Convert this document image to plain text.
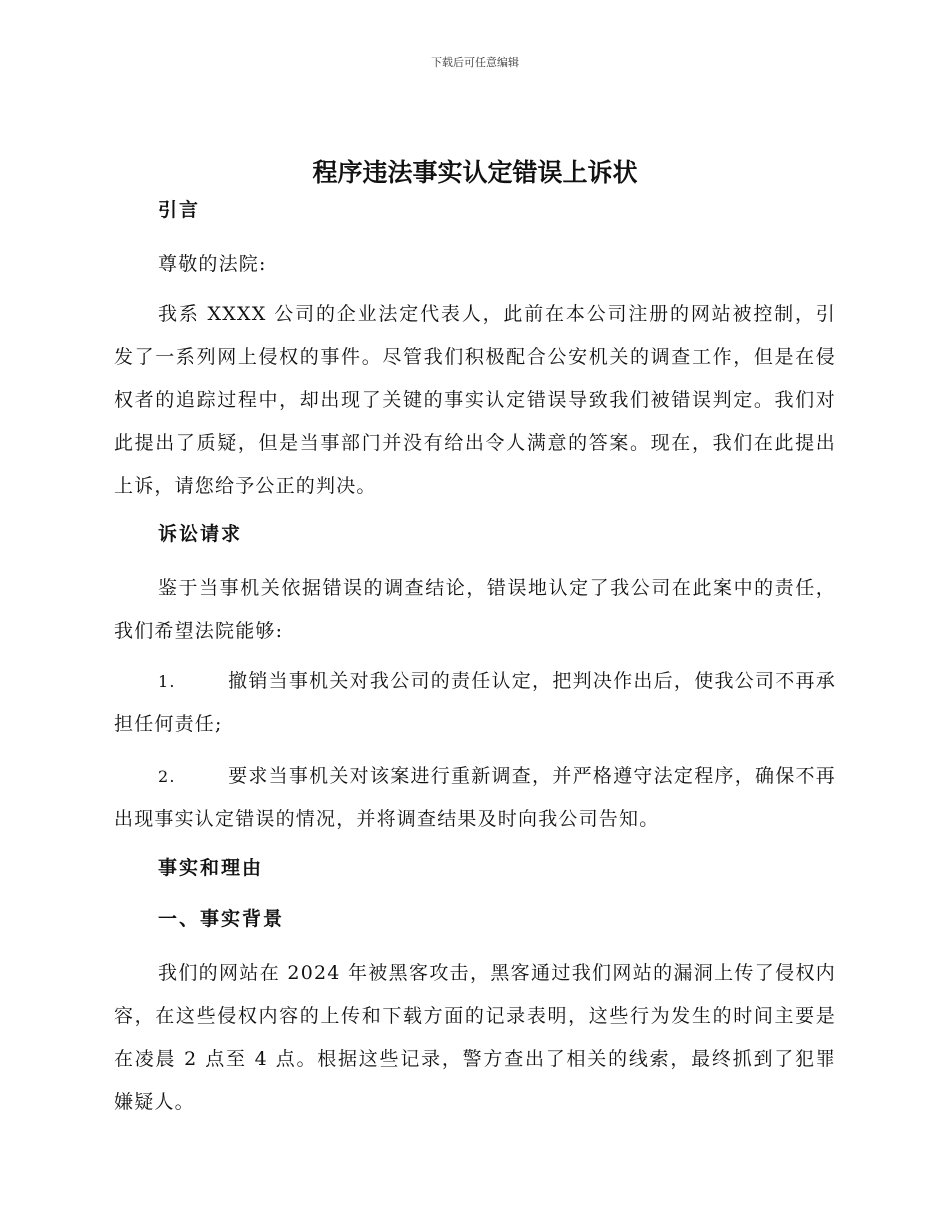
下载后可任意编辑
程序违法事实认定错误上诉状
引言
尊敬的法院:
我系 XXXX 公司的企业法定代表人，此前在本公司注册的网站被控制，引发了一系列网上侵权的事件。尽管我们积极配合公安机关的调查工作，但是在侵权者的追踪过程中，却出现了关键的事实认定错误导致我们被错误判定。我们对此提出了质疑，但是当事部门并没有给出令人满意的答案。现在，我们在此提出上诉，请您给予公正的判决。
诉讼请求
鉴于当事机关依据错误的调查结论，错误地认定了我公司在此案中的责任，我们希望法院能够:
1.	撤销当事机关对我公司的责任认定，把判决作出后，使我公司不再承担任何责任;
2.	要求当事机关对该案进行重新调查，并严格遵守法定程序，确保不再出现事实认定错误的情况，并将调查结果及时向我公司告知。
事实和理由
一、事实背景
我们的网站在 2024 年被黑客攻击，黑客通过我们网站的漏洞上传了侵权内容，在这些侵权内容的上传和下载方面的记录表明，这些行为发生的时间主要是在凌晨 2 点至 4 点。根据这些记录，警方查出了相关的线索，最终抓到了犯罪嫌疑人。
